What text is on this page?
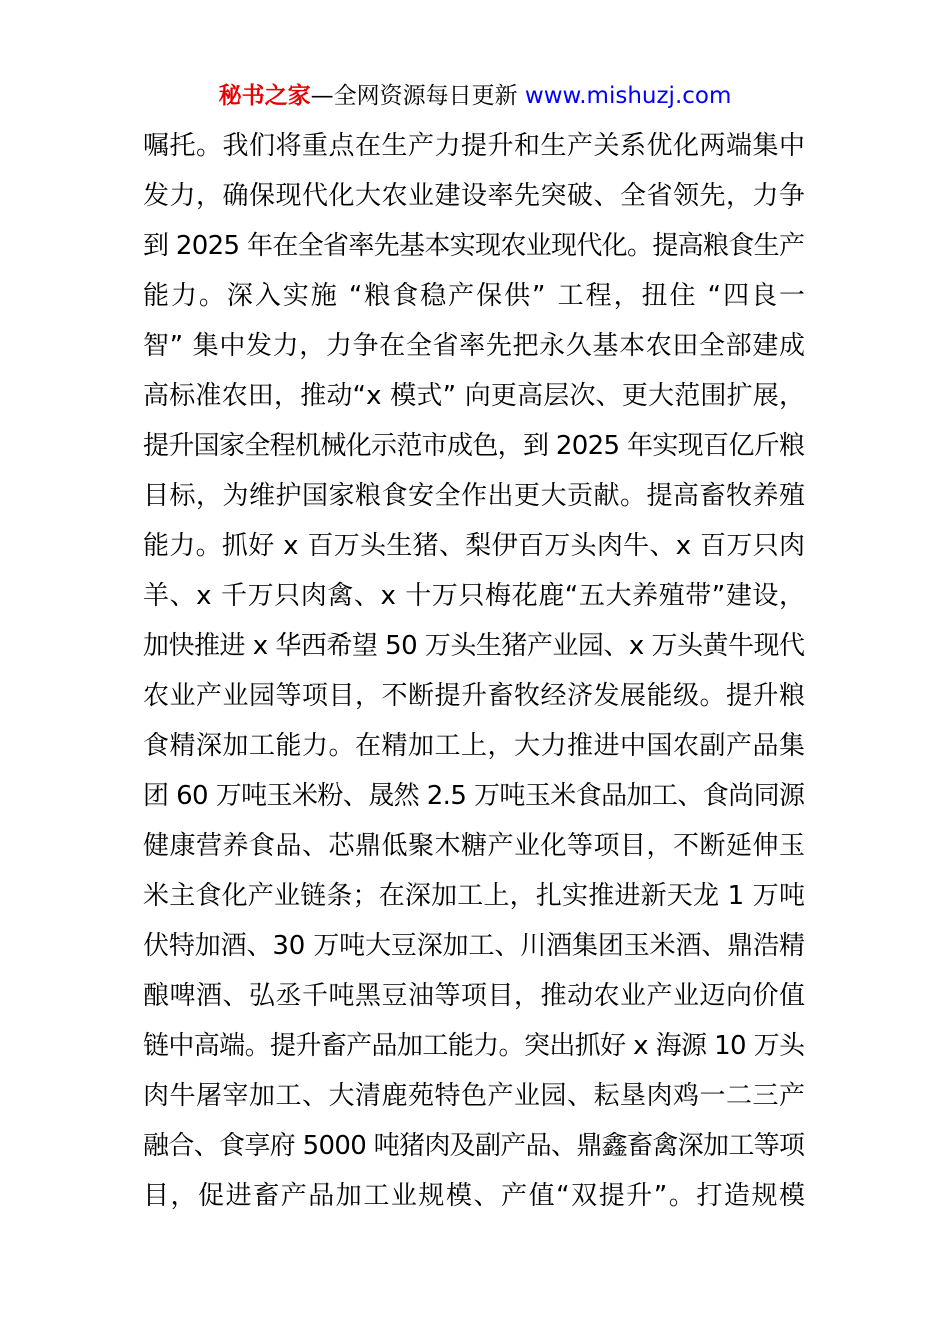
秘书之家—全网资源每日更新 www.mishuzj.com
嘱托。我们将重点在生产力提升和生产关系优化两端集中
发力，确保现代化大农业建设率先突破、全省领先，力争
到 2025 年在全省率先基本实现农业现代化。提高粮食生产
能力。深入实施 “粮食稳产保供” 工程，扭住 “四良一
智” 集中发力，力争在全省率先把永久基本农田全部建成
高标准农田，推动“x 模式” 向更高层次、更大范围扩展，
提升国家全程机械化示范市成色，到 2025 年实现百亿斤粮
目标，为维护国家粮食安全作出更大贡献。提高畜牧养殖
能力。抓好 x 百万头生猪、梨伊百万头肉牛、x 百万只肉
羊、x 千万只肉禽、x 十万只梅花鹿“五大养殖带”建设，
加快推进 x 华西希望 50 万头生猪产业园、x 万头黄牛现代
农业产业园等项目，不断提升畜牧经济发展能级。提升粮
食精深加工能力。在精加工上，大力推进中国农副产品集
团 60 万吨玉米粉、晟然 2.5 万吨玉米食品加工、食尚同源
健康营养食品、芯鼎低聚木糖产业化等项目，不断延伸玉
米主食化产业链条；在深加工上，扎实推进新天龙 1 万吨
伏特加酒、30 万吨大豆深加工、川酒集团玉米酒、鼎浩精
酿啤酒、弘丞千吨黑豆油等项目，推动农业产业迈向价值
链中高端。提升畜产品加工能力。突出抓好 x 海源 10 万头
肉牛屠宰加工、大清鹿苑特色产业园、耘垦肉鸡一二三产
融合、食享府 5000 吨猪肉及副产品、鼎鑫畜禽深加工等项
目，促进畜产品加工业规模、产值“双提升”。打造规模
